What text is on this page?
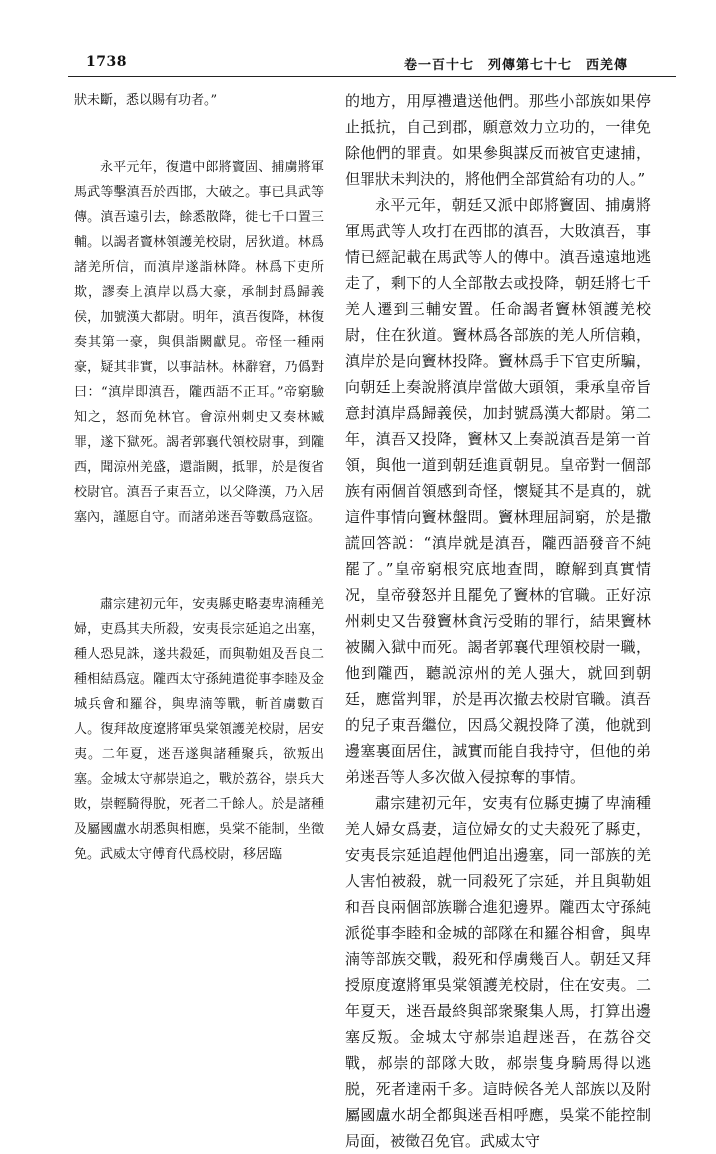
1738	卷一百十七　列傳第七十七　西羌傳

狀未斷，悉以賜有功者。”

永平元年，復遣中郎將竇固、捕虜將軍馬武等擊滇吾於西邯，大破之。事已具武等傳。滇吾遠引去，餘悉散降，徙七千口置三輔。以謁者竇林領護羌校尉，居狄道。林爲諸羌所信，而滇岸遂詣林降。林爲下吏所欺，謬奏上滇岸以爲大豪，承制封爲歸義侯，加號漢大都尉。明年，滇吾復降，林復奏其第一豪，與俱詣闕獻見。帝怪一種兩豪，疑其非實，以事詰林。林辭窘，乃僞對曰：“滇岸即滇吾，隴西語不正耳。”帝窮驗知之，怒而免林官。會涼州刺史又奏林臧罪，遂下獄死。謁者郭襄代領校尉事，到隴西，聞涼州羌盛，還詣闕，抵罪，於是復省校尉官。滇吾子東吾立，以父降漢，乃入居塞內，謹愿自守。而諸弟迷吾等數爲寇盜。

肅宗建初元年，安夷縣吏略妻卑湳種羌婦，吏爲其夫所殺，安夷長宗延追之出塞，種人恐見誅，遂共殺延，而與勒姐及吾良二種相結爲寇。隴西太守孫純遣從事李睦及金城兵會和羅谷，與卑湳等戰，斬首虜數百人。復拜故度遼將軍吳棠領護羌校尉，居安夷。二年夏，迷吾遂與諸種聚兵，欲叛出塞。金城太守郝崇追之，戰於荔谷，崇兵大敗，崇輕騎得脫，死者二千餘人。於是諸種及屬國盧水胡悉與相應，吳棠不能制，坐徵免。武威太守傅育代爲校尉，移居臨

的地方，用厚禮遣送他們。那些小部族如果停止抵抗，自己到郡，願意效力立功的，一律免除他們的罪責。如果參與謀反而被官吏逮捕，但罪狀未判決的，將他們全部賞給有功的人。”

永平元年，朝廷又派中郎將竇固、捕虜將軍馬武等人攻打在西邯的滇吾，大敗滇吾，事情已經記載在馬武等人的傳中。滇吾遠遠地逃走了，剩下的人全部散去或投降，朝廷將七千羌人遷到三輔安置。任命謁者竇林領護羌校尉，住在狄道。竇林爲各部族的羌人所信賴，滇岸於是向竇林投降。竇林爲手下官吏所騙，向朝廷上奏說將滇岸當做大頭領，秉承皇帝旨意封滇岸爲歸義侯，加封號爲漢大都尉。第二年，滇吾又投降，竇林又上奏説滇吾是第一首領，與他一道到朝廷進貢朝見。皇帝對一個部族有兩個首領感到奇怪，懷疑其不是真的，就這件事情向竇林盤問。竇林理屈詞窮，於是撒謊回答説：“滇岸就是滇吾，隴西語發音不純罷了。”皇帝窮根究底地查問，瞭解到真實情况，皇帝發怒并且罷免了竇林的官職。正好涼州刺史又告發竇林貪污受賄的罪行，結果竇林被關入獄中而死。謁者郭襄代理領校尉一職，他到隴西，聽説涼州的羌人强大，就回到朝廷，應當判罪，於是再次撤去校尉官職。滇吾的兒子東吾繼位，因爲父親投降了漢，他就到邊塞裏面居住，誠實而能自我持守，但他的弟弟迷吾等人多次做入侵掠奪的事情。

肅宗建初元年，安夷有位縣吏擄了卑湳種羌人婦女爲妻，這位婦女的丈夫殺死了縣吏，安夷長宗延追趕他們追出邊塞，同一部族的羌人害怕被殺，就一同殺死了宗延，并且與勒姐和吾良兩個部族聯合進犯邊界。隴西太守孫純派從事李睦和金城的部隊在和羅谷相會，與卑湳等部族交戰，殺死和俘虜幾百人。朝廷又拜授原度遼將軍吳棠領護羌校尉，住在安夷。二年夏天，迷吾最終與部衆聚集人馬，打算出邊塞反叛。金城太守郝崇追趕迷吾，在荔谷交戰，郝崇的部隊大敗，郝崇隻身騎馬得以逃脱，死者達兩千多。這時候各羌人部族以及附屬國盧水胡全都與迷吾相呼應，吳棠不能控制局面，被徵召免官。武威太守
